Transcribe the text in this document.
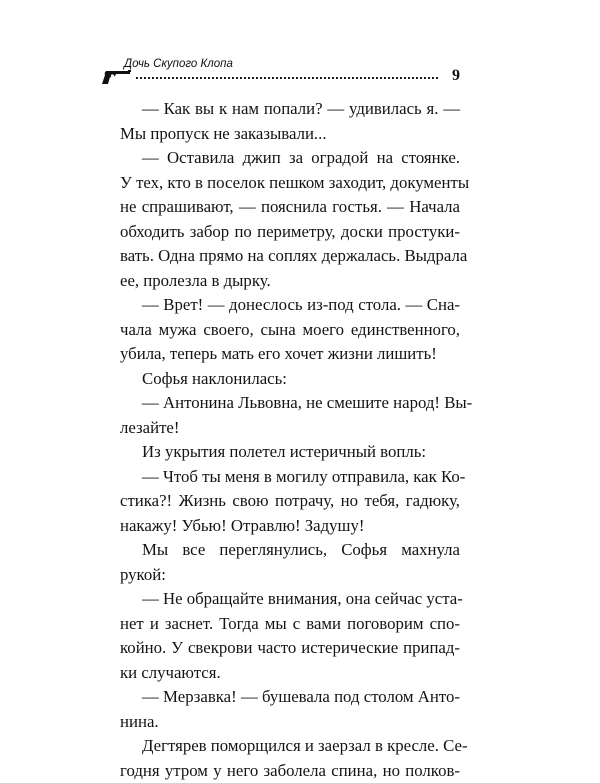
Дочь Скупого Клопа
9
— Как вы к нам попали? — удивилась я. —
Мы пропуск не заказывали...
— Оставила джип за оградой на стоянке.
У тех, кто в поселок пешком заходит, документы
не спрашивают, — пояснила гостья. — Начала
обходить забор по периметру, доски простуки-
вать. Одна прямо на соплях держалась. Выдрала
ее, пролезла в дырку.
— Врет! — донеслось из-под стола. — Сна-
чала мужа своего, сына моего единственного,
убила, теперь мать его хочет жизни лишить!
Софья наклонилась:
— Антонина Львовна, не смешите народ! Вы-
лезайте!
Из укрытия полетел истеричный вопль:
— Чтоб ты меня в могилу отправила, как Ко-
стика?! Жизнь свою потрачу, но тебя, гадюку,
накажу! Убью! Отравлю! Задушу!
Мы все переглянулись, Софья махнула
рукой:
— Не обращайте внимания, она сейчас уста-
нет и заснет. Тогда мы с вами поговорим спо-
койно. У свекрови часто истерические припад-
ки случаются.
— Мерзавка! — бушевала под столом Анто-
нина.
Дегтярев поморщился и заерзал в кресле. Се-
годня утром у него заболела спина, но полков-
